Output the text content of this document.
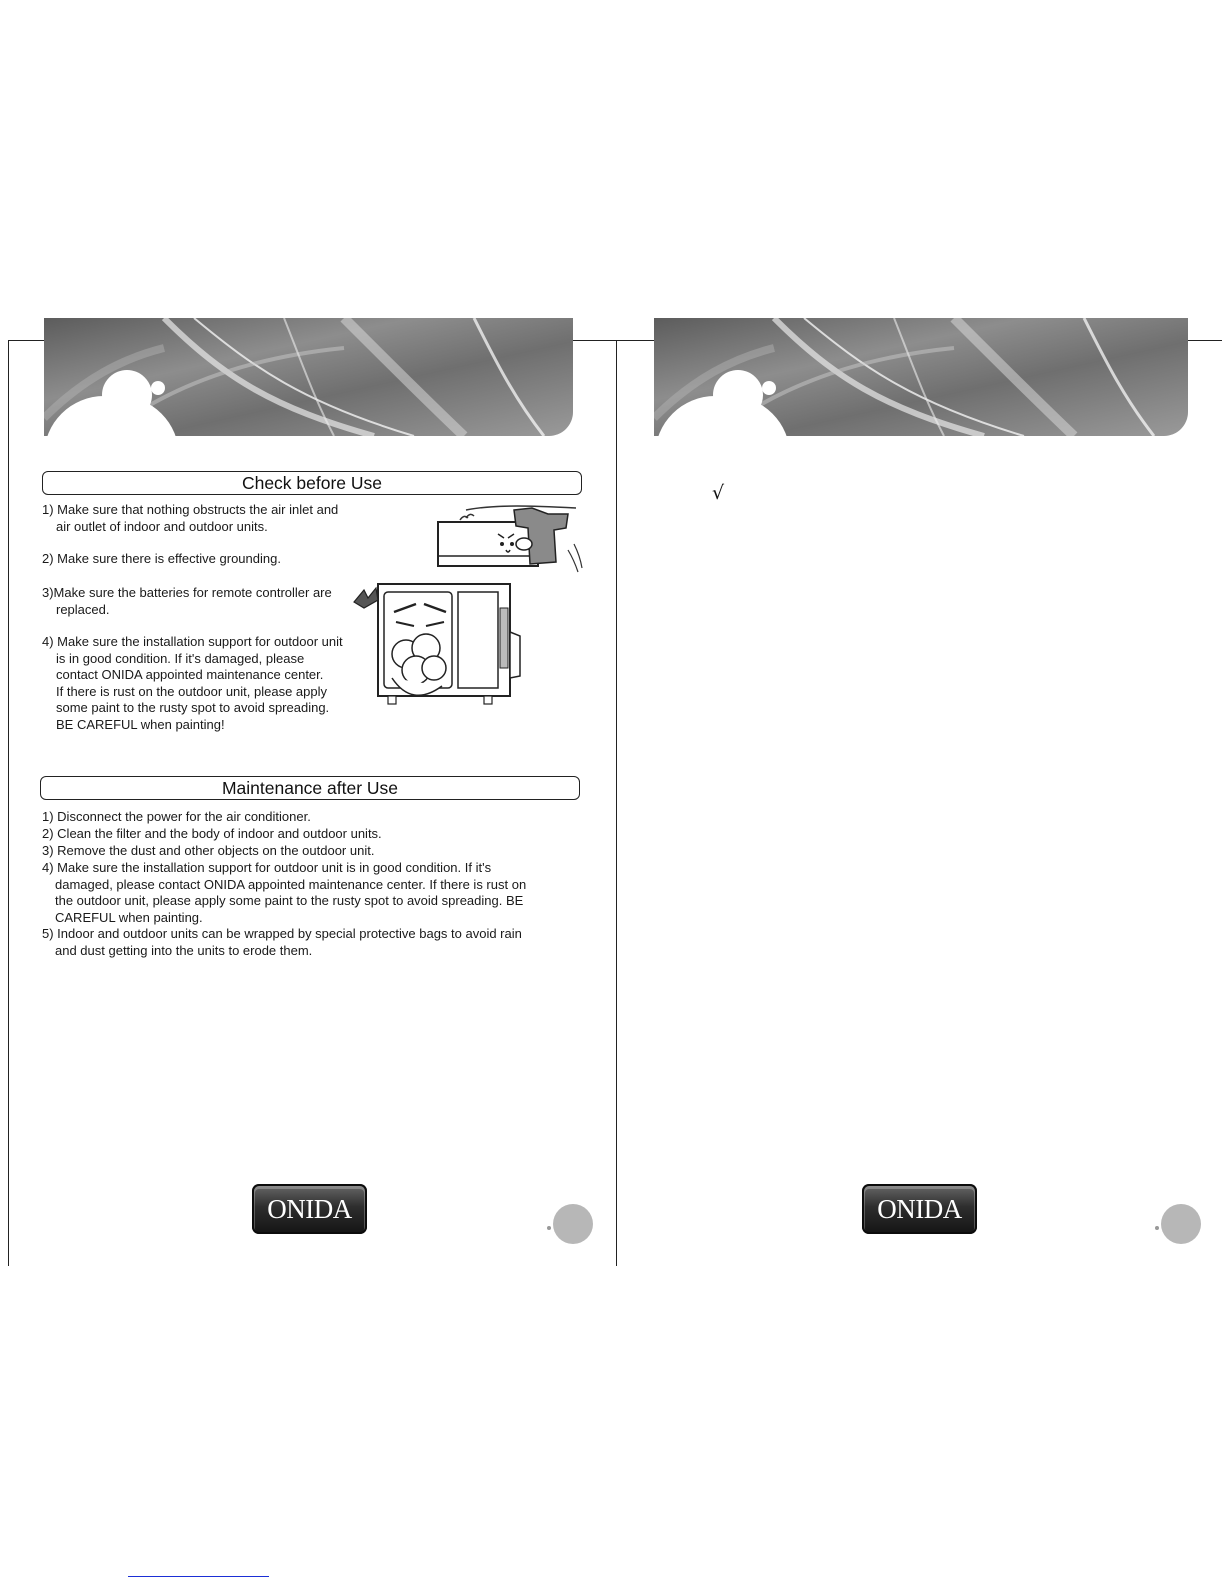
Check before Use
1) Make sure that nothing obstructs the air inlet and
air outlet of indoor and outdoor units.
2) Make sure there is effective grounding.
3)Make sure the batteries for remote controller are
replaced.
4) Make sure the installation support for outdoor unit
is in good condition. If it's damaged, please
contact ONIDA appointed maintenance center.
If there is rust on the outdoor unit, please apply
some paint to the rusty spot to avoid spreading.
BE CAREFUL when painting!
Maintenance after Use
1) Disconnect the power for the air conditioner.
2) Clean the filter and the body of indoor and outdoor units.
3) Remove the dust and other objects on the outdoor unit.
4) Make sure the installation support for outdoor unit is in good condition. If it's
damaged, please contact ONIDA appointed maintenance center. If there is rust on
the outdoor unit, please apply some paint to the rusty spot to avoid spreading. BE
CAREFUL when painting.
5) Indoor and outdoor units can be wrapped by special protective bags to avoid rain
and dust getting into the units to erode them.
ONIDA
√
ONIDA
